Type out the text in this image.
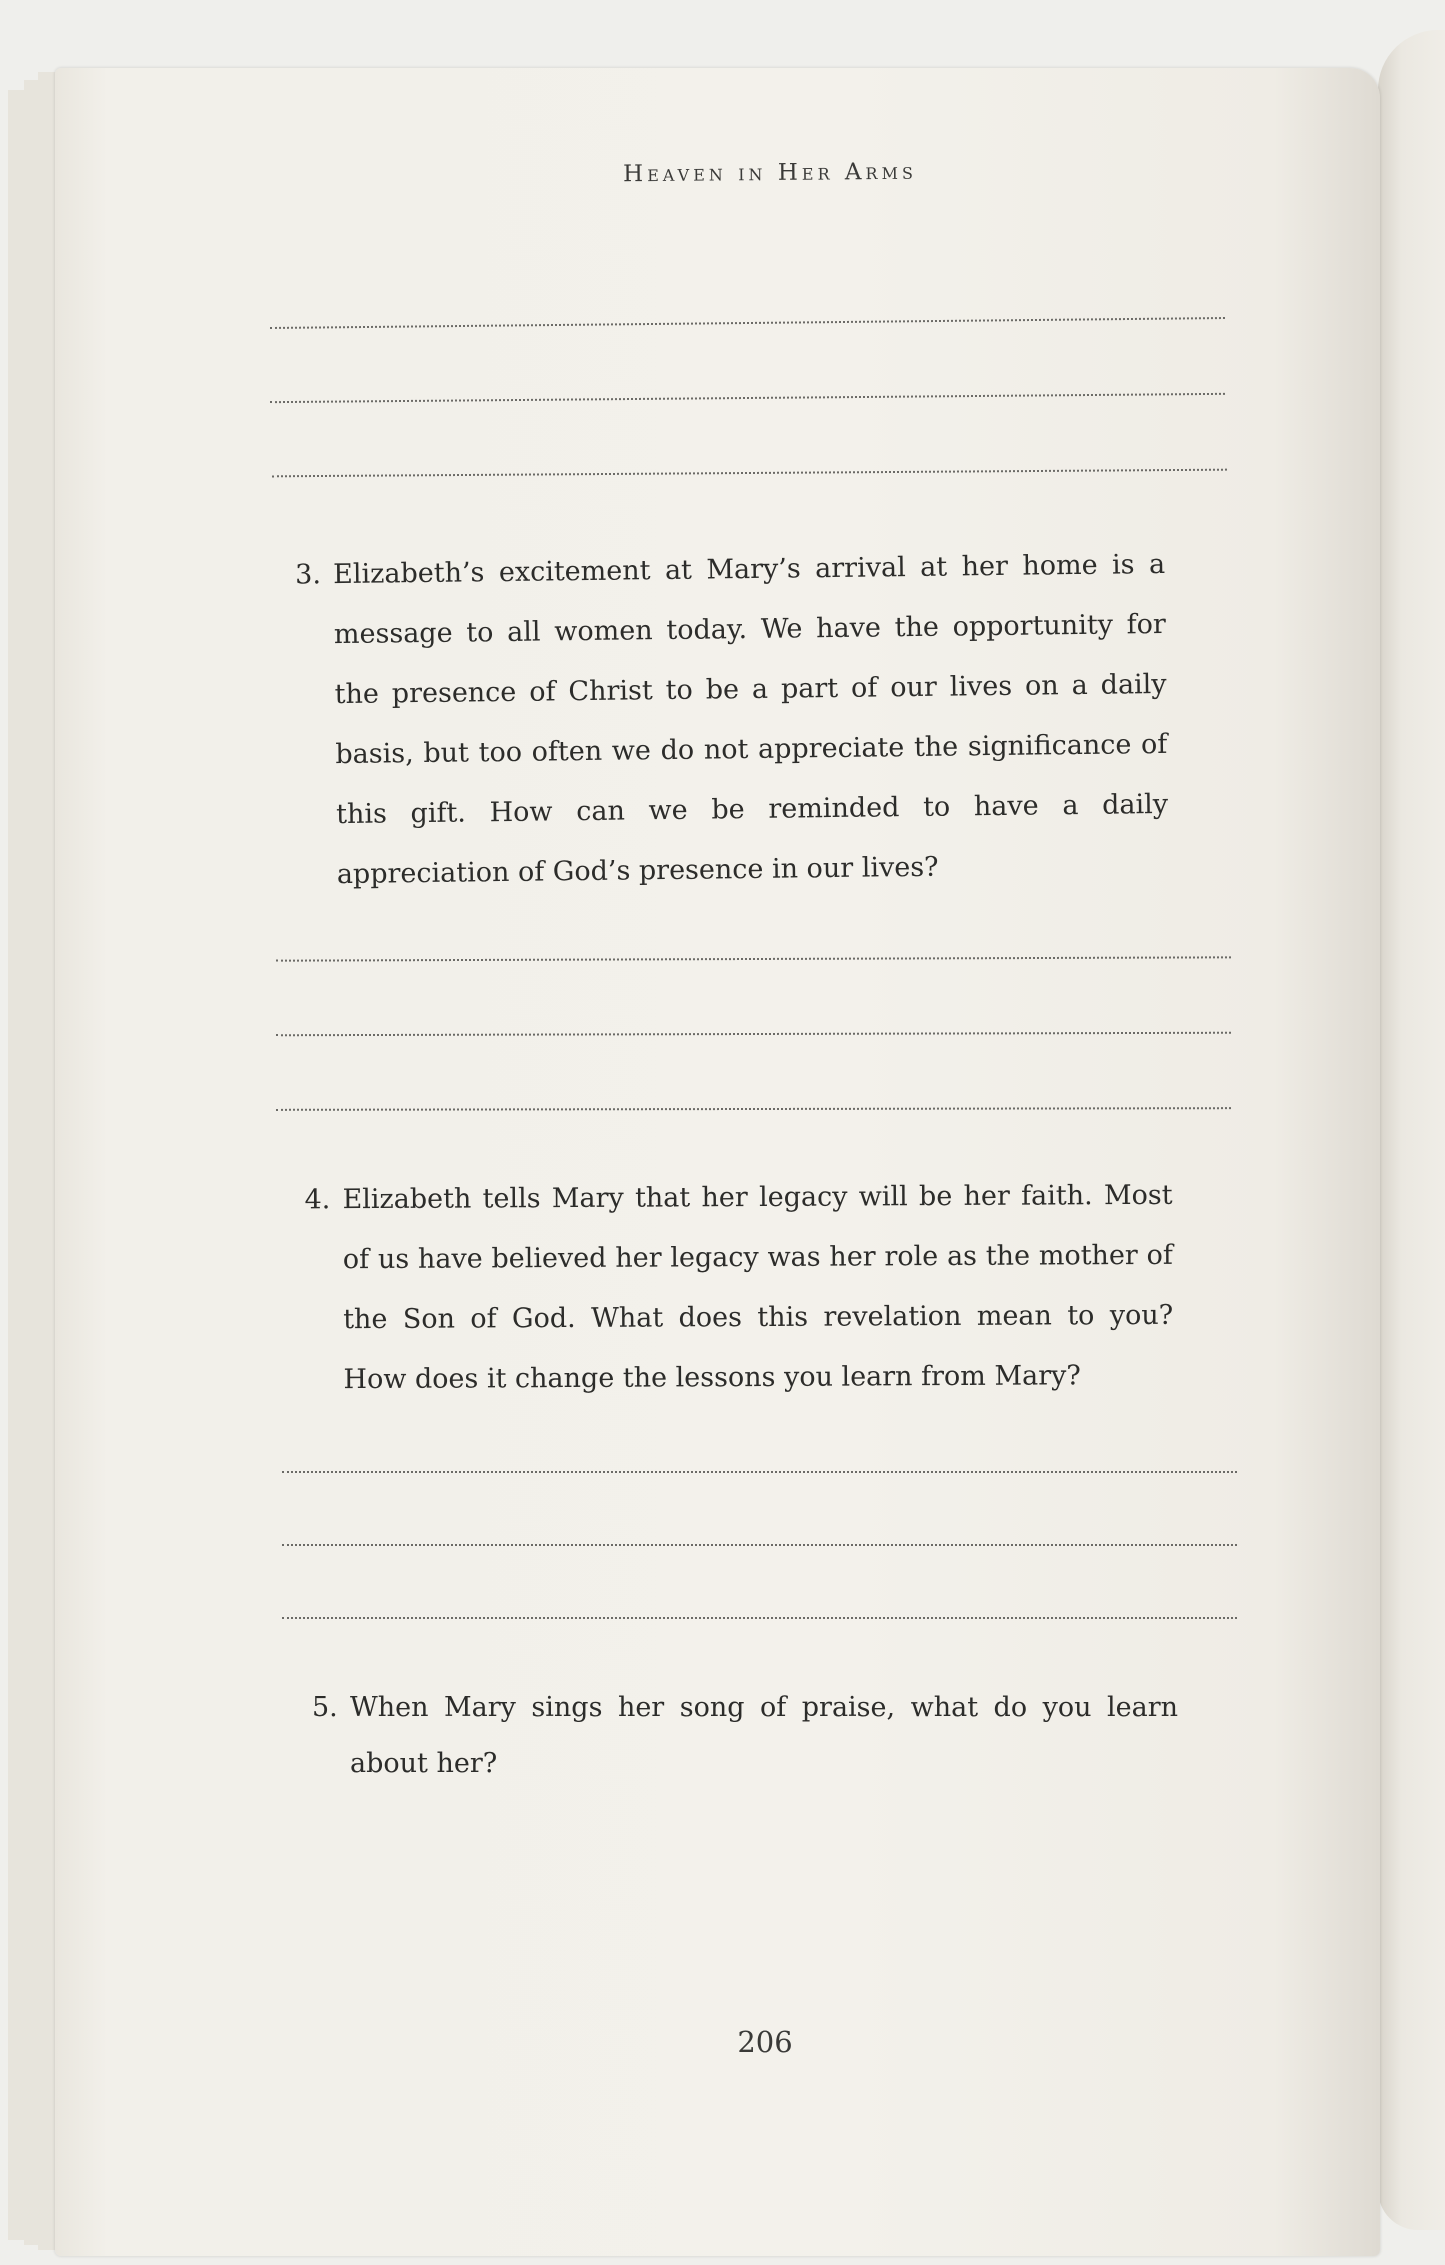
Heaven in Her Arms
3. Elizabeth’s excitement at Mary’s arrival at her home is a message to all women today. We have the opportunity for the presence of Christ to be a part of our lives on a daily basis, but too often we do not appreciate the significance of this gift. How can we be reminded to have a daily appreciation of God’s presence in our lives?
4. Elizabeth tells Mary that her legacy will be her faith. Most of us have believed her legacy was her role as the mother of the Son of God. What does this revelation mean to you? How does it change the lessons you learn from Mary?
5. When Mary sings her song of praise, what do you learn about her?
206
